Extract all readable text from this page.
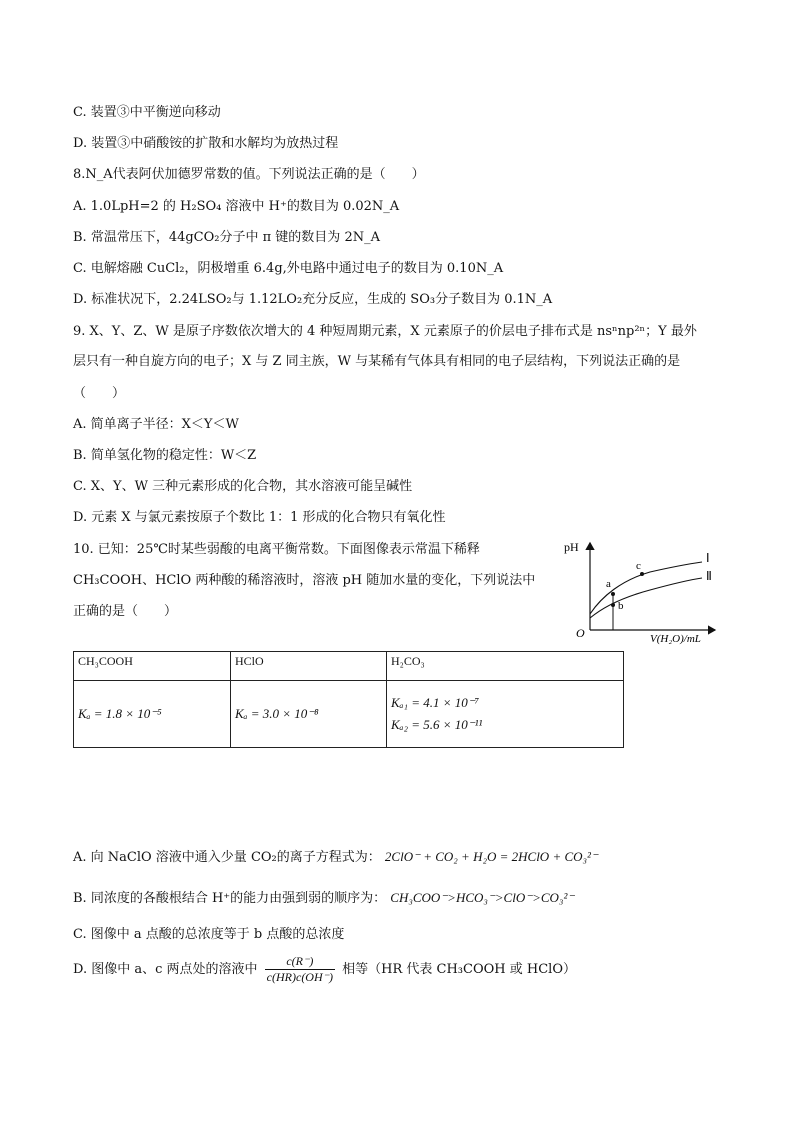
C. 装置③中平衡逆向移动
D. 装置③中硝酸铵的扩散和水解均为放热过程
8.N_A代表阿伏加德罗常数的值。下列说法正确的是（　　）
A. 1.0LpH=2 的 H₂SO₄ 溶液中 H⁺的数目为 0.02N_A
B. 常温常压下，44gCO₂分子中 π 键的数目为 2N_A
C. 电解熔融 CuCl₂，阴极增重 6.4g,外电路中通过电子的数目为 0.10N_A
D. 标准状况下，2.24LSO₂与 1.12LO₂充分反应，生成的 SO₃分子数目为 0.1N_A
9. X、Y、Z、W 是原子序数依次增大的 4 种短周期元素，X 元素原子的价层电子排布式是 nsⁿnp²ⁿ；Y 最外
层只有一种自旋方向的电子；X 与 Z 同主族，W 与某稀有气体具有相同的电子层结构，下列说法正确的是
（　　）
A. 简单离子半径：X＜Y＜W
B. 简单氢化物的稳定性：W＜Z
C. X、Y、W 三种元素形成的化合物，其水溶液可能呈碱性
D. 元素 X 与氯元素按原子个数比 1：1 形成的化合物只有氧化性
10. 已知：25℃时某些弱酸的电离平衡常数。下面图像表示常温下稀释
CH₃COOH、HClO 两种酸的稀溶液时，溶液 pH 随加水量的变化，下列说法中
正确的是（　　）
pH
O	V(H₂O)/mL
a
b
c
Ⅰ
Ⅱ
CH₃COOH	HClO	H₂CO₃
Kₐ = 1.8 × 10⁻⁵	Kₐ = 3.0 × 10⁻⁸	Kₐ₁ = 4.1 × 10⁻⁷
Kₐ₂ = 5.6 × 10⁻¹¹
A. 向 NaClO 溶液中通入少量 CO₂的离子方程式为： 2ClO⁻ + CO₂ + H₂O = 2HClO + CO₃²⁻
B. 同浓度的各酸根结合 H⁺的能力由强到弱的顺序为： CH₃COO⁻>HCO₃⁻>ClO⁻>CO₃²⁻
C. 图像中 a 点酸的总浓度等于 b 点酸的总浓度
D. 图像中 a、c 两点处的溶液中 $\frac{c(R^-)}{c(HR)c(OH^-)}$ 相等（HR 代表 CH₃COOH 或 HClO）
